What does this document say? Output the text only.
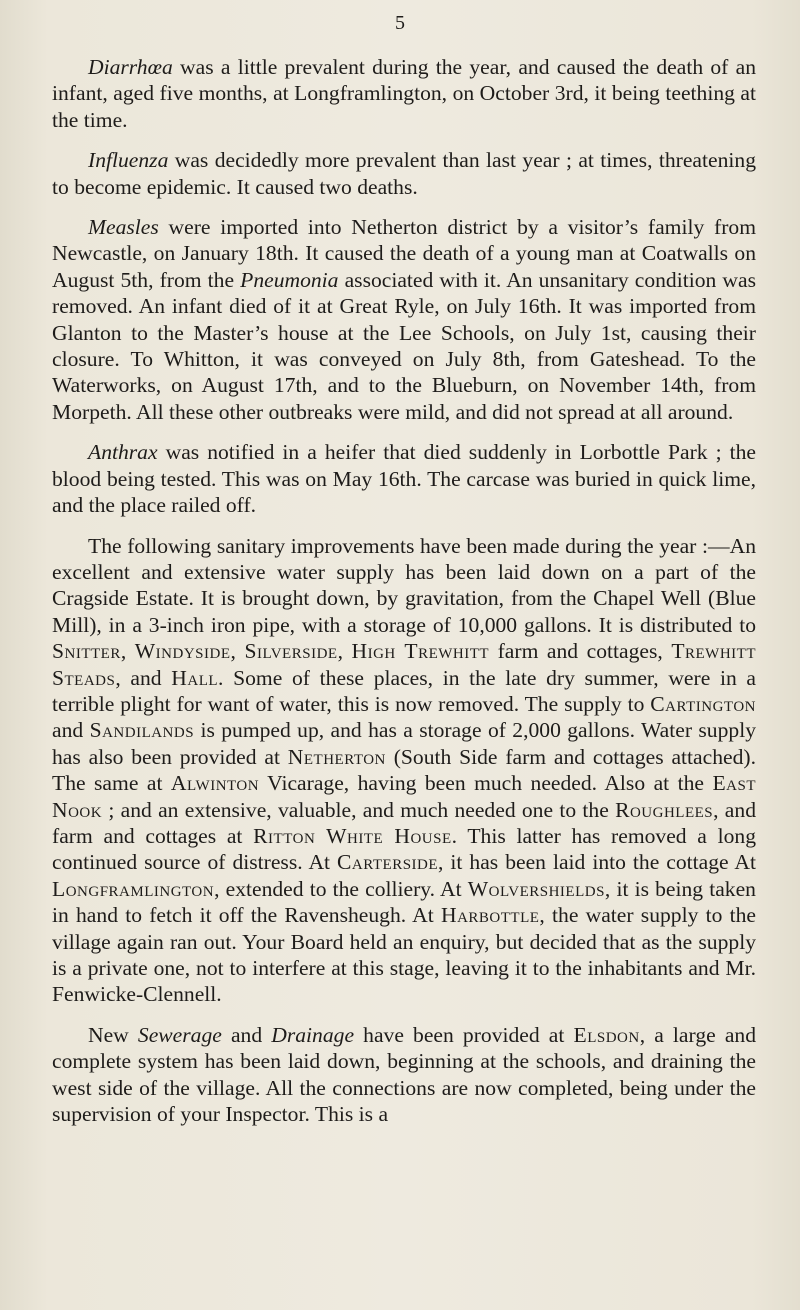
5

Diarrhœa was a little prevalent during the year, and caused the death of an infant, aged five months, at Longframlington, on October 3rd, it being teething at the time.

Influenza was decidedly more prevalent than last year ; at times, threatening to become epidemic. It caused two deaths.

Measles were imported into Netherton district by a visitor’s family from Newcastle, on January 18th. It caused the death of a young man at Coatwalls on August 5th, from the Pneumonia associated with it. An unsanitary condition was removed. An infant died of it at Great Ryle, on July 16th. It was imported from Glanton to the Master’s house at the Lee Schools, on July 1st, causing their closure. To Whitton, it was conveyed on July 8th, from Gateshead. To the Waterworks, on August 17th, and to the Blueburn, on November 14th, from Morpeth. All these other outbreaks were mild, and did not spread at all around.

Anthrax was notified in a heifer that died suddenly in Lorbottle Park ; the blood being tested. This was on May 16th. The carcase was buried in quick lime, and the place railed off.

The following sanitary improvements have been made during the year :—An excellent and extensive water supply has been laid down on a part of the Cragside Estate. It is brought down, by gravitation, from the Chapel Well (Blue Mill), in a 3-inch iron pipe, with a storage of 10,000 gallons. It is distributed to Snitter, Windyside, Silverside, High Trewhitt farm and cottages, Trewhitt Steads, and Hall. Some of these places, in the late dry summer, were in a terrible plight for want of water, this is now removed. The supply to Cartington and Sandilands is pumped up, and has a storage of 2,000 gallons. Water supply has also been provided at Netherton (South Side farm and cottages attached). The same at Alwinton Vicarage, having been much needed. Also at the East Nook ; and an extensive, valuable, and much needed one to the Roughlees, and farm and cottages at Ritton White House. This latter has removed a long continued source of distress. At Carterside, it has been laid into the cottage At Longframlington, extended to the colliery. At Wolvershields, it is being taken in hand to fetch it off the Ravensheugh. At Harbottle, the water supply to the village again ran out. Your Board held an enquiry, but decided that as the supply is a private one, not to interfere at this stage, leaving it to the inhabitants and Mr. Fenwicke-Clennell.

New Sewerage and Drainage have been provided at Elsdon, a large and complete system has been laid down, beginning at the schools, and draining the west side of the village. All the connections are now completed, being under the supervision of your Inspector. This is a
